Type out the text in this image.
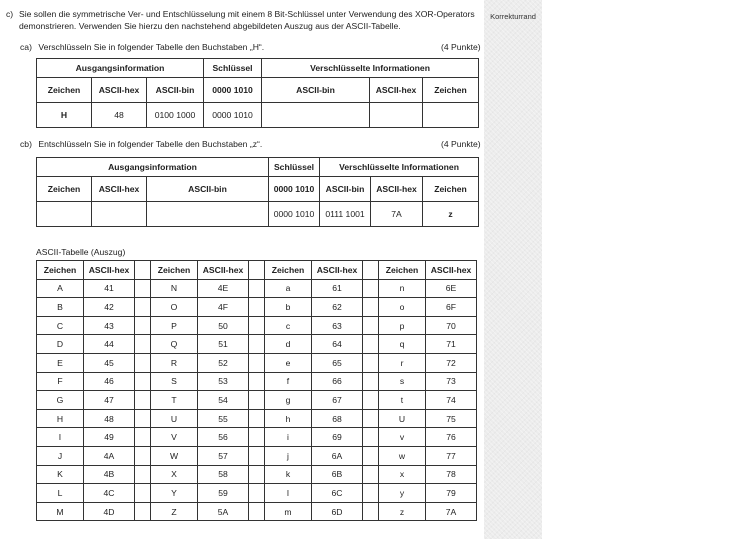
Korrekturrand
c) Sie sollen die symmetrische Ver- und Entschlüsselung mit einem 8 Bit-Schlüssel unter Verwendung des XOR-Operators
demonstrieren. Verwenden Sie hierzu den nachstehend abgebildeten Auszug aus der ASCII-Tabelle.
ca) Verschlüsseln Sie in folgender Tabelle den Buchstaben „H“.	(4 Punkte)
Ausgangsinformation			Schlüssel	Verschlüsselte Informationen		
Zeichen	ASCII-hex	ASCII-bin	0000 1010	ASCII-bin	ASCII-hex	Zeichen
H	48	0100 1000	0000 1010			
cb) Entschlüsseln Sie in folgender Tabelle den Buchstaben „z“.	(4 Punkte)
Ausgangsinformation			Schlüssel	Verschlüsselte Informationen		
Zeichen	ASCII-hex	ASCII-bin	0000 1010	ASCII-bin	ASCII-hex	Zeichen
			0000 1010	0111 1001	7A	z
ASCII-Tabelle (Auszug)
Zeichen	ASCII-hex		Zeichen	ASCII-hex		Zeichen	ASCII-hex		Zeichen	ASCII-hex
A	41		N	4E		a	61		n	6E
B	42		O	4F		b	62		o	6F
C	43		P	50		c	63		p	70
D	44		Q	51		d	64		q	71
E	45		R	52		e	65		r	72
F	46		S	53		f	66		s	73
G	47		T	54		g	67		t	74
H	48		U	55		h	68		U	75
I	49		V	56		i	69		v	76
J	4A		W	57		j	6A		w	77
K	4B		X	58		k	6B		x	78
L	4C		Y	59		l	6C		y	79
M	4D		Z	5A		m	6D		z	7A
